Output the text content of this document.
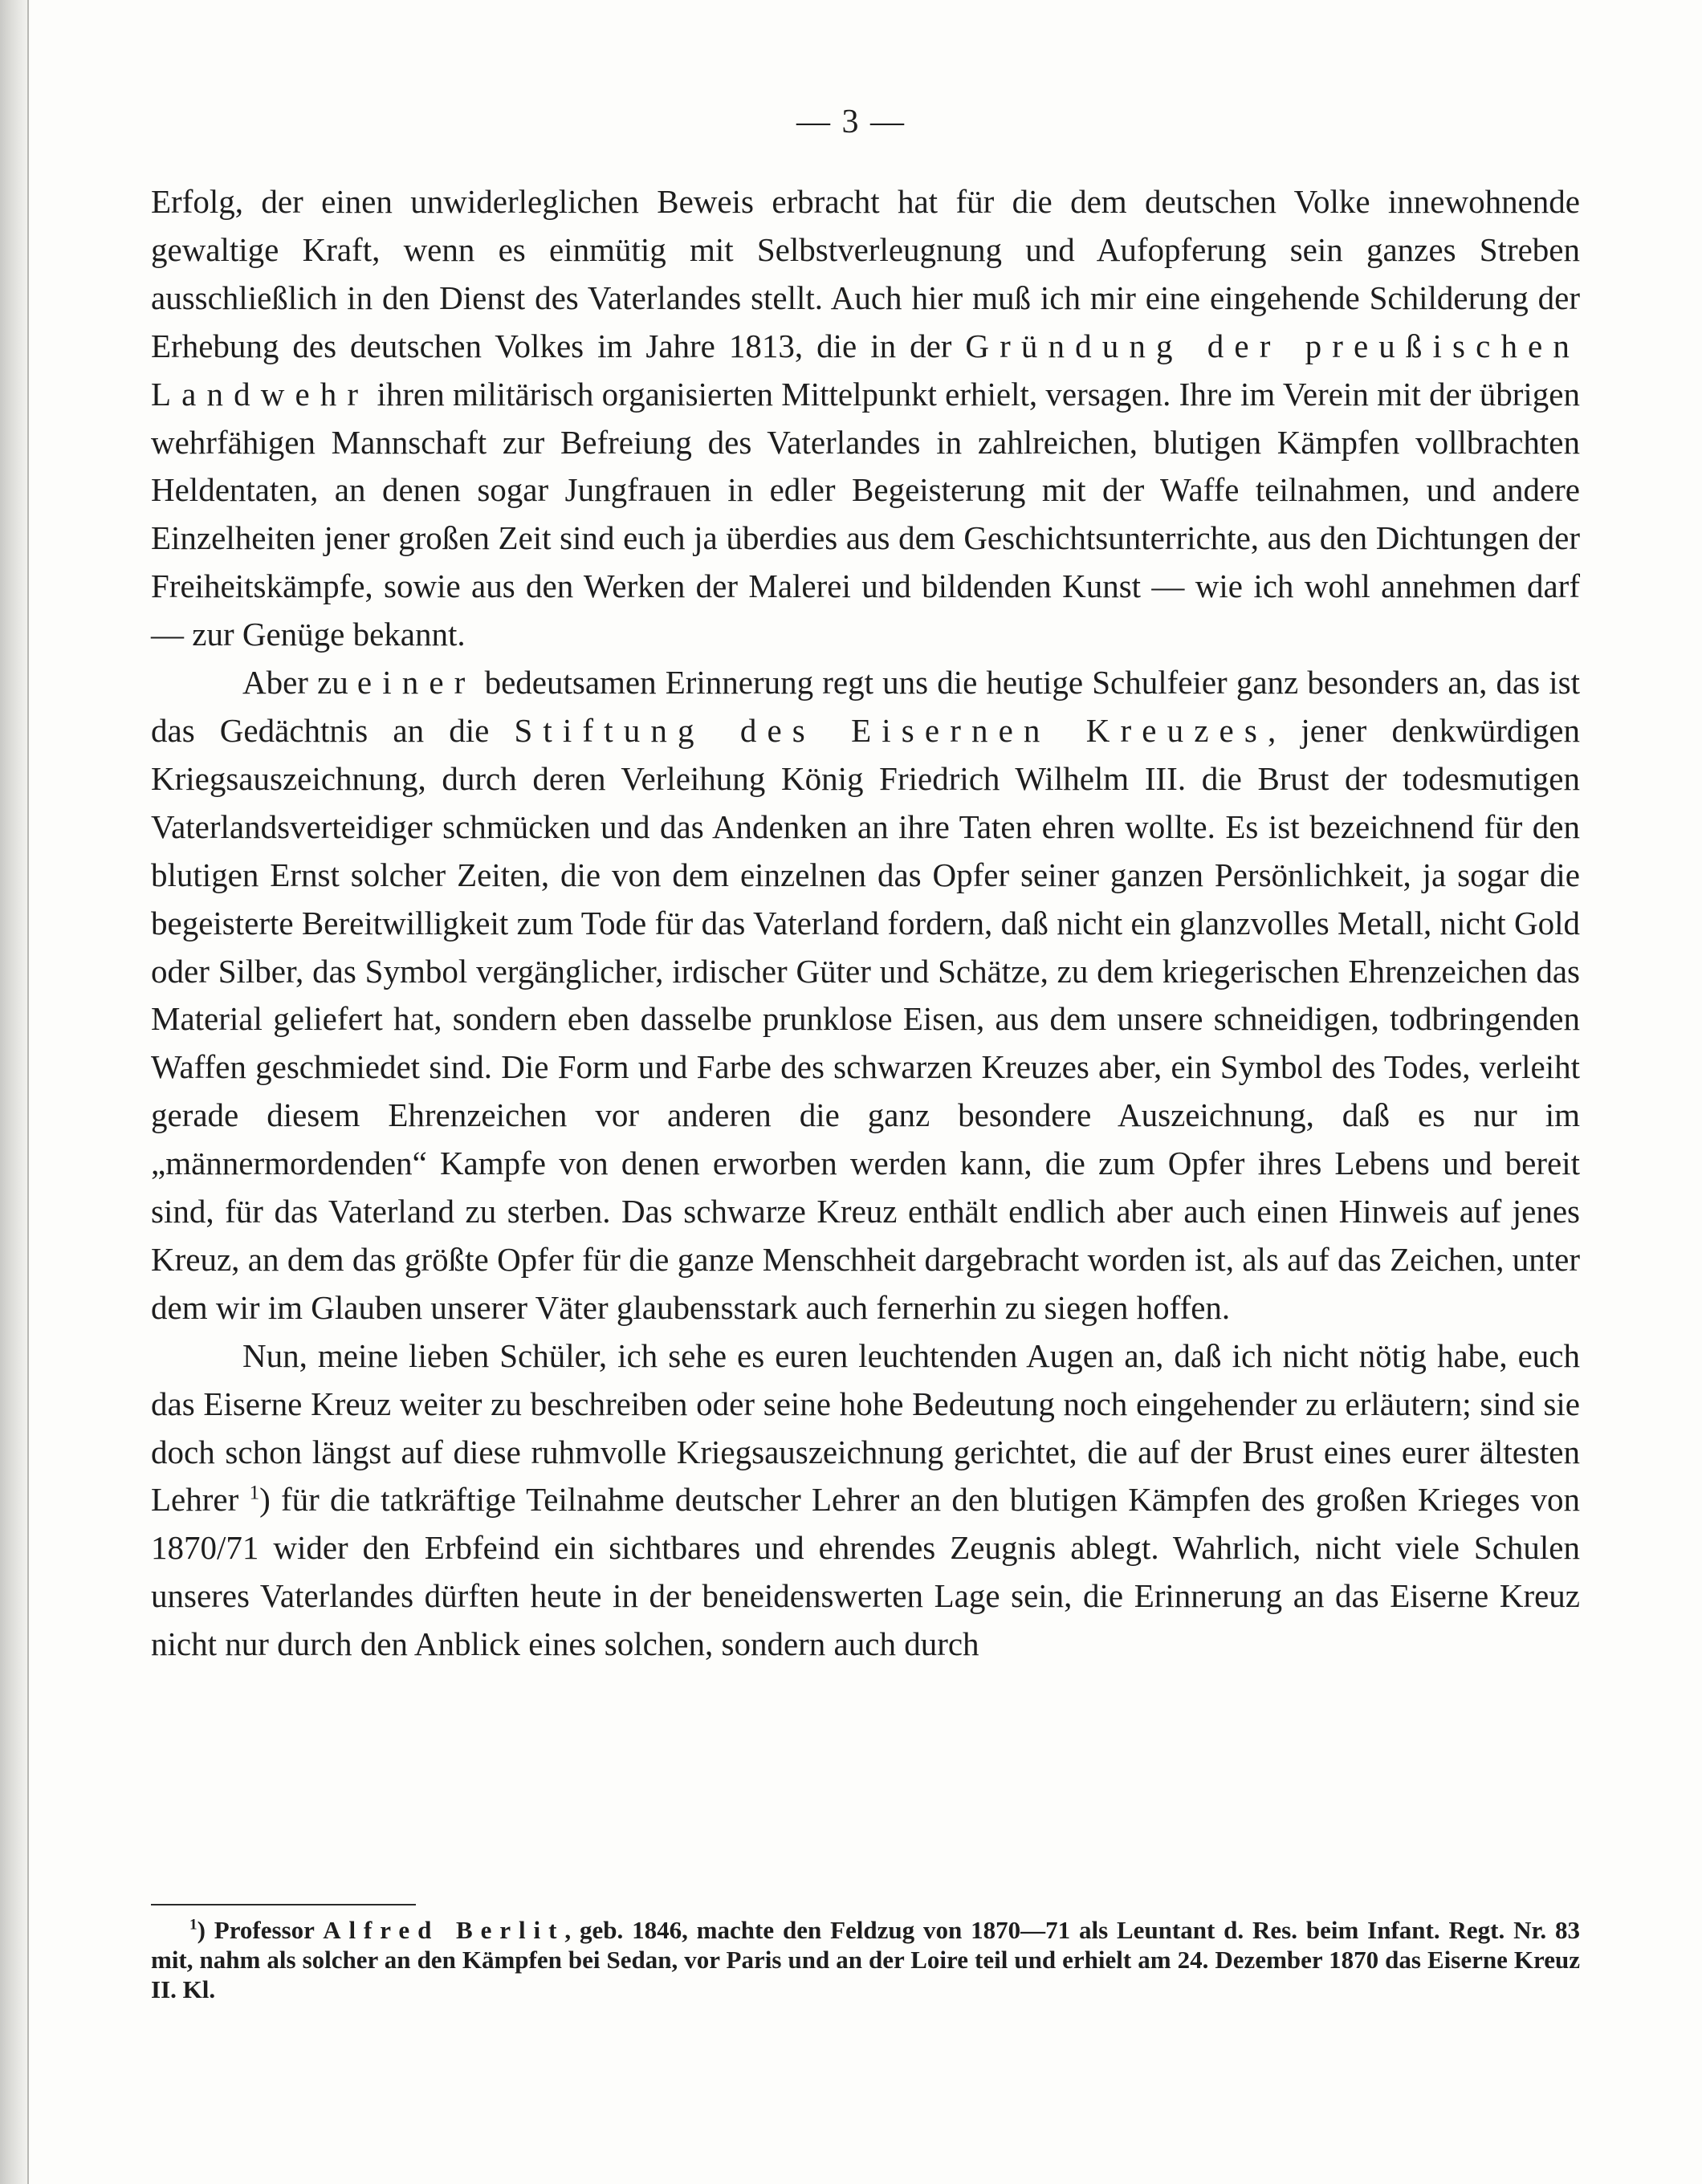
— 3 —

Erfolg, der einen unwiderleglichen Beweis erbracht hat für die dem deutschen Volke innewohnende gewaltige Kraft, wenn es einmütig mit Selbstverleugnung und Aufopferung sein ganzes Streben ausschließlich in den Dienst des Vaterlandes stellt. Auch hier muß ich mir eine eingehende Schilderung der Erhebung des deutschen Volkes im Jahre 1813, die in der Gründung der preußischen Landwehr ihren militärisch organisierten Mittelpunkt erhielt, versagen. Ihre im Verein mit der übrigen wehrfähigen Mannschaft zur Befreiung des Vaterlandes in zahlreichen, blutigen Kämpfen vollbrachten Heldentaten, an denen sogar Jungfrauen in edler Begeisterung mit der Waffe teilnahmen, und andere Einzelheiten jener großen Zeit sind euch ja überdies aus dem Geschichtsunterrichte, aus den Dichtungen der Freiheitskämpfe, sowie aus den Werken der Malerei und bildenden Kunst — wie ich wohl annehmen darf — zur Genüge bekannt.

Aber zu einer bedeutsamen Erinnerung regt uns die heutige Schulfeier ganz besonders an, das ist das Gedächtnis an die Stiftung des Eisernen Kreuzes, jener denkwürdigen Kriegsauszeichnung, durch deren Verleihung König Friedrich Wilhelm III. die Brust der todesmutigen Vaterlandsverteidiger schmücken und das Andenken an ihre Taten ehren wollte. Es ist bezeichnend für den blutigen Ernst solcher Zeiten, die von dem einzelnen das Opfer seiner ganzen Persönlichkeit, ja sogar die begeisterte Bereitwilligkeit zum Tode für das Vaterland fordern, daß nicht ein glanzvolles Metall, nicht Gold oder Silber, das Symbol vergänglicher, irdischer Güter und Schätze, zu dem kriegerischen Ehrenzeichen das Material geliefert hat, sondern eben dasselbe prunklose Eisen, aus dem unsere schneidigen, todbringenden Waffen geschmiedet sind. Die Form und Farbe des schwarzen Kreuzes aber, ein Symbol des Todes, verleiht gerade diesem Ehrenzeichen vor anderen die ganz besondere Auszeichnung, daß es nur im „männermordenden“ Kampfe von denen erworben werden kann, die zum Opfer ihres Lebens und bereit sind, für das Vaterland zu sterben. Das schwarze Kreuz enthält endlich aber auch einen Hinweis auf jenes Kreuz, an dem das größte Opfer für die ganze Menschheit dargebracht worden ist, als auf das Zeichen, unter dem wir im Glauben unserer Väter glaubensstark auch fernerhin zu siegen hoffen.

Nun, meine lieben Schüler, ich sehe es euren leuchtenden Augen an, daß ich nicht nötig habe, euch das Eiserne Kreuz weiter zu beschreiben oder seine hohe Bedeutung noch eingehender zu erläutern; sind sie doch schon längst auf diese ruhmvolle Kriegsauszeichnung gerichtet, die auf der Brust eines eurer ältesten Lehrer $^1$) für die tatkräftige Teilnahme deutscher Lehrer an den blutigen Kämpfen des großen Krieges von 1870/71 wider den Erbfeind ein sichtbares und ehrendes Zeugnis ablegt. Wahrlich, nicht viele Schulen unseres Vaterlandes dürften heute in der beneidenswerten Lage sein, die Erinnerung an das Eiserne Kreuz nicht nur durch den Anblick eines solchen, sondern auch durch

$^1$) Professor Alfred Berlit, geb. 1846, machte den Feldzug von 1870—71 als Leuntant d. Res. beim Infant. Regt. Nr. 83 mit, nahm als solcher an den Kämpfen bei Sedan, vor Paris und an der Loire teil und erhielt am 24. Dezember 1870 das Eiserne Kreuz II. Kl.
